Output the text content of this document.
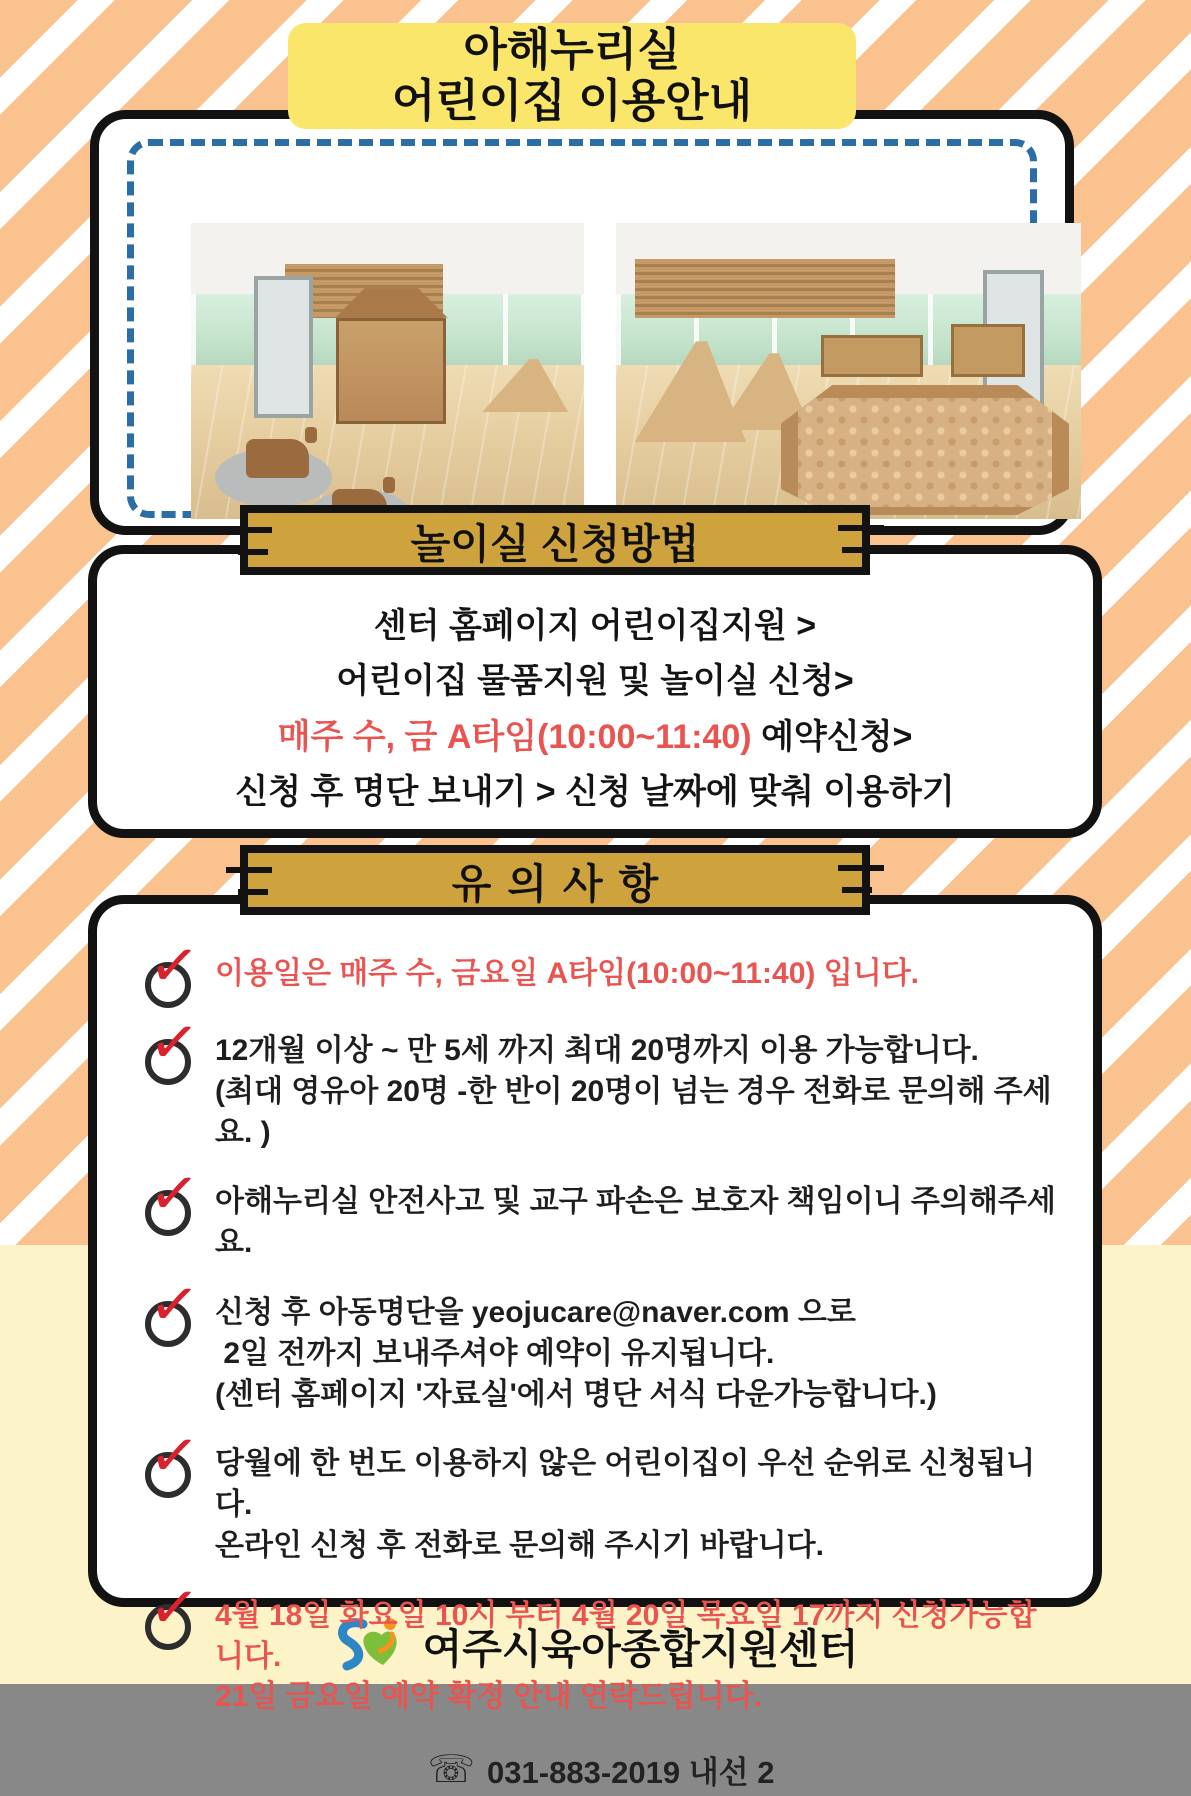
아해누리실
어린이집 이용안내
놀이실 신청방법

센터 홈페이지 어린이집지원 >

어린이집 물품지원 및 놀이실 신청>

매주 수, 금 A타임(10:00~11:40) 예약신청>

신청 후 명단 보내기 > 신청 날짜에 맞춰 이용하기

유의사항
✓ 이용일은 매주 수, 금요일 A타임(10:00~11:40) 입니다.
✓ 12개월 이상 ~ 만 5세 까지 최대 20명까지 이용 가능합니다.
(최대 영유아 20명 -한 반이 20명이 넘는 경우 전화로 문의해 주세요. )
✓ 아해누리실 안전사고 및 교구 파손은 보호자 책임이니 주의해주세요.
✓ 신청 후 아동명단을 yeojucare@naver.com 으로
2일 전까지 보내주셔야 예약이 유지됩니다.
(센터 홈페이지 '자료실'에서 명단 서식 다운가능합니다.)
✓ 당월에 한 번도 이용하지 않은 어린이집이 우선 순위로 신청됩니다.
온라인 신청 후 전화로 문의해 주시기 바랍니다.
✓ 4월 18일 화요일 10시 부터 4월 20일 목요일 17까지 신청가능합니다.
21일 금요일 예약 확정 안내 연락드립니다.
☏ 031-883-2019 내선 2
여주시육아종합지원센터
